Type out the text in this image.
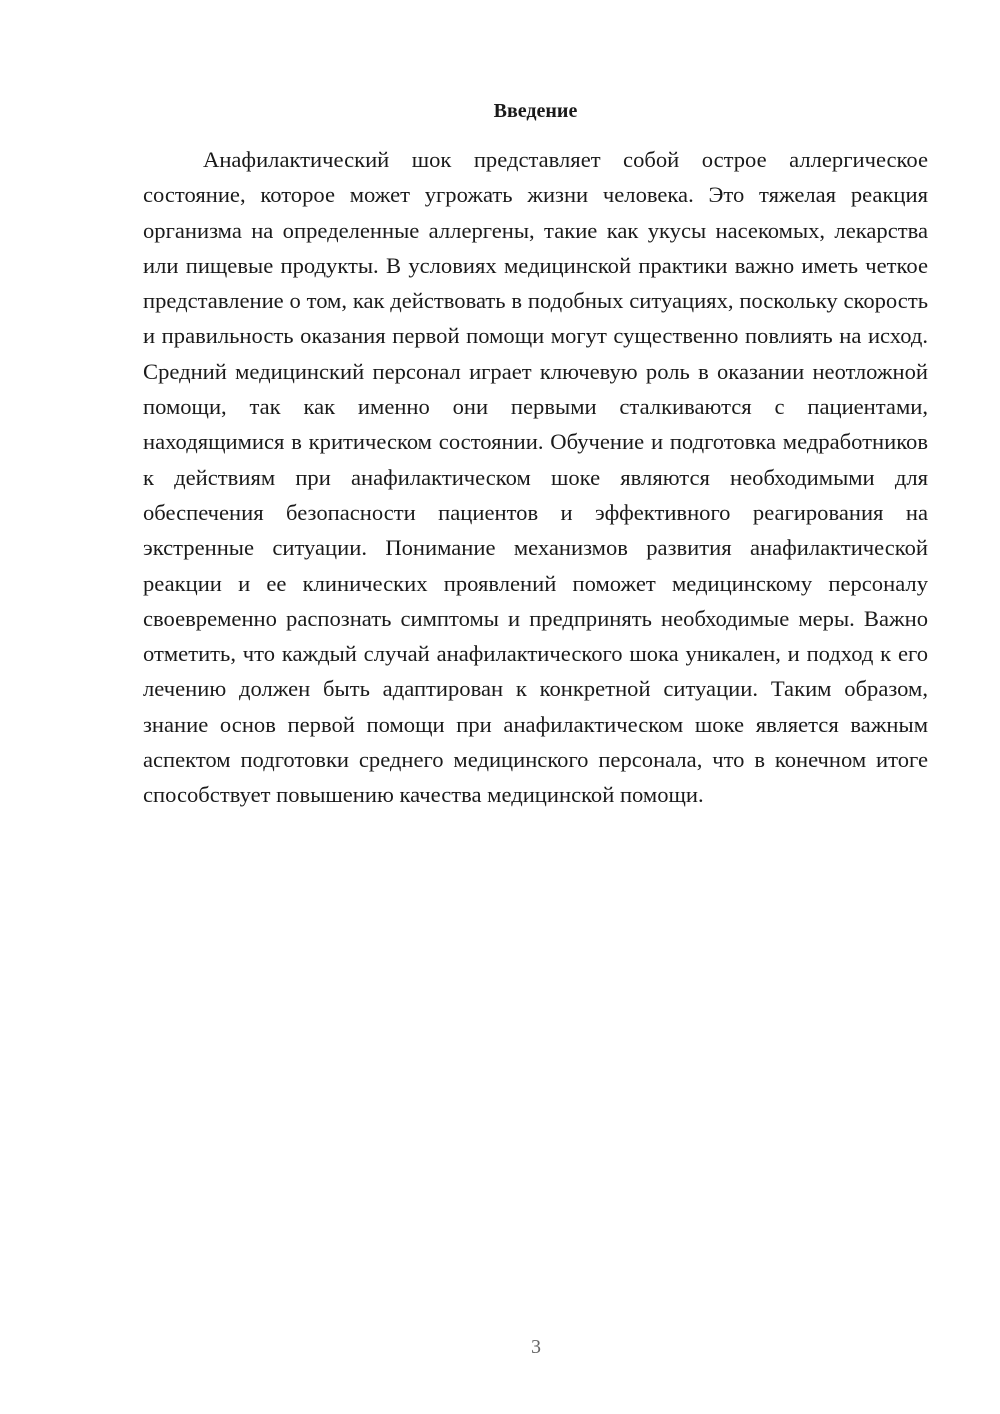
Введение

Анафилактический шок представляет собой острое аллергическое состояние, которое может угрожать жизни человека. Это тяжелая реакция организма на определенные аллергены, такие как укусы насекомых, лекарства или пищевые продукты. В условиях медицинской практики важно иметь четкое представление о том, как действовать в подобных ситуациях, поскольку скорость и правильность оказания первой помощи могут существенно повлиять на исход. Средний медицинский персонал играет ключевую роль в оказании неотложной помощи, так как именно они первыми сталкиваются с пациентами, находящимися в критическом состоянии. Обучение и подготовка медработников к действиям при анафилактическом шоке являются необходимыми для обеспечения безопасности пациентов и эффективного реагирования на экстренные ситуации. Понимание механизмов развития анафилактической реакции и ее клинических проявлений поможет медицинскому персоналу своевременно распознать симптомы и предпринять необходимые меры. Важно отметить, что каждый случай анафилактического шока уникален, и подход к его лечению должен быть адаптирован к конкретной ситуации. Таким образом, знание основ первой помощи при анафилактическом шоке является важным аспектом подготовки среднего медицинского персонала, что в конечном итоге способствует повышению качества медицинской помощи.

3
